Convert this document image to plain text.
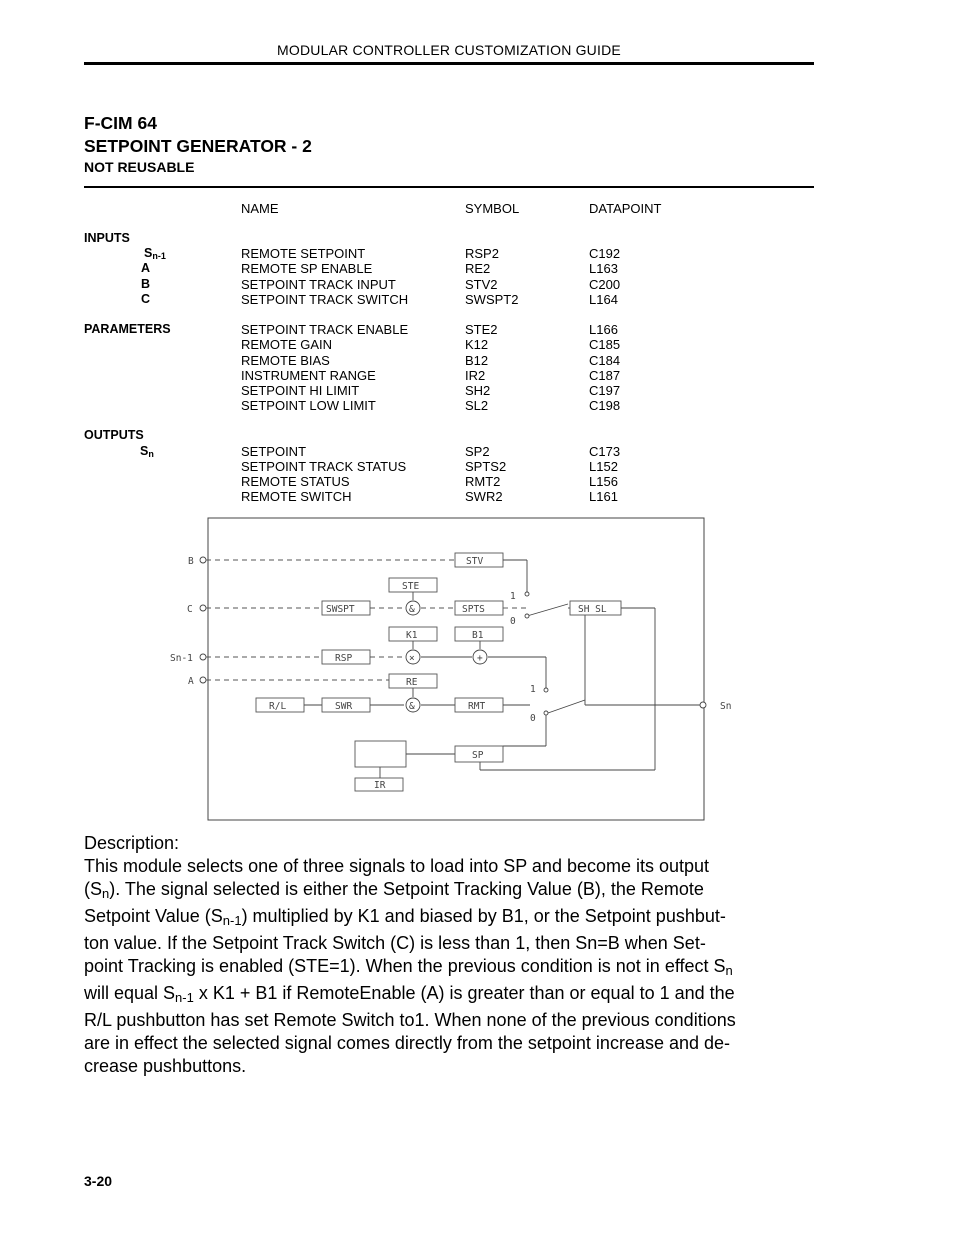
MODULAR CONTROLLER CUSTOMIZATION GUIDE
F-CIM 64
SETPOINT GENERATOR - 2
NOT REUSABLE
NAME	SYMBOL	DATAPOINT
INPUTS
$S_{n-1}$	REMOTE SETPOINT	RSP2	C192
A	REMOTE SP ENABLE	RE2	L163
B	SETPOINT TRACK INPUT	STV2	C200
C	SETPOINT TRACK SWITCH	SWSPT2	L164
PARAMETERS	SETPOINT TRACK ENABLE	STE2	L166
REMOTE GAIN	K12	C185
REMOTE BIAS	B12	C184
INSTRUMENT RANGE	IR2	C187
SETPOINT HI LIMIT	SH2	C197
SETPOINT LOW LIMIT	SL2	C198
OUTPUTS
$S_n$	SETPOINT	SP2	C173
SETPOINT TRACK STATUS	SPTS2	L152
REMOTE STATUS	RMT2	L156
REMOTE SWITCH	SWR2	L161
B
C
Sn-1
A
Sn
STV
STE
SWSPT	SPTS	SH SL
K1	B1
RSP
RE
R/L	SWR	RMT
SP
IR
&
×	+
&
1
0
1
0

Description:

This module selects one of three signals to load into SP and become its output

$(S_n)$. The signal selected is either the Setpoint Tracking Value (B), the Remote

Setpoint Value $(S_{n-1})$ multiplied by K1 and biased by B1, or the Setpoint pushbut-

ton value. If the Setpoint Track Switch (C) is less than 1, then Sn=B when Set-

point Tracking is enabled (STE=1). When the previous condition is not in effect $S_n$

will equal $S_{n-1}$ x K1 + B1 if RemoteEnable (A) is greater than or equal to 1 and the

R/L pushbutton has set Remote Switch to1. When none of the previous conditions

are in effect the selected signal comes directly from the setpoint increase and de-

crease pushbuttons.

3-20
